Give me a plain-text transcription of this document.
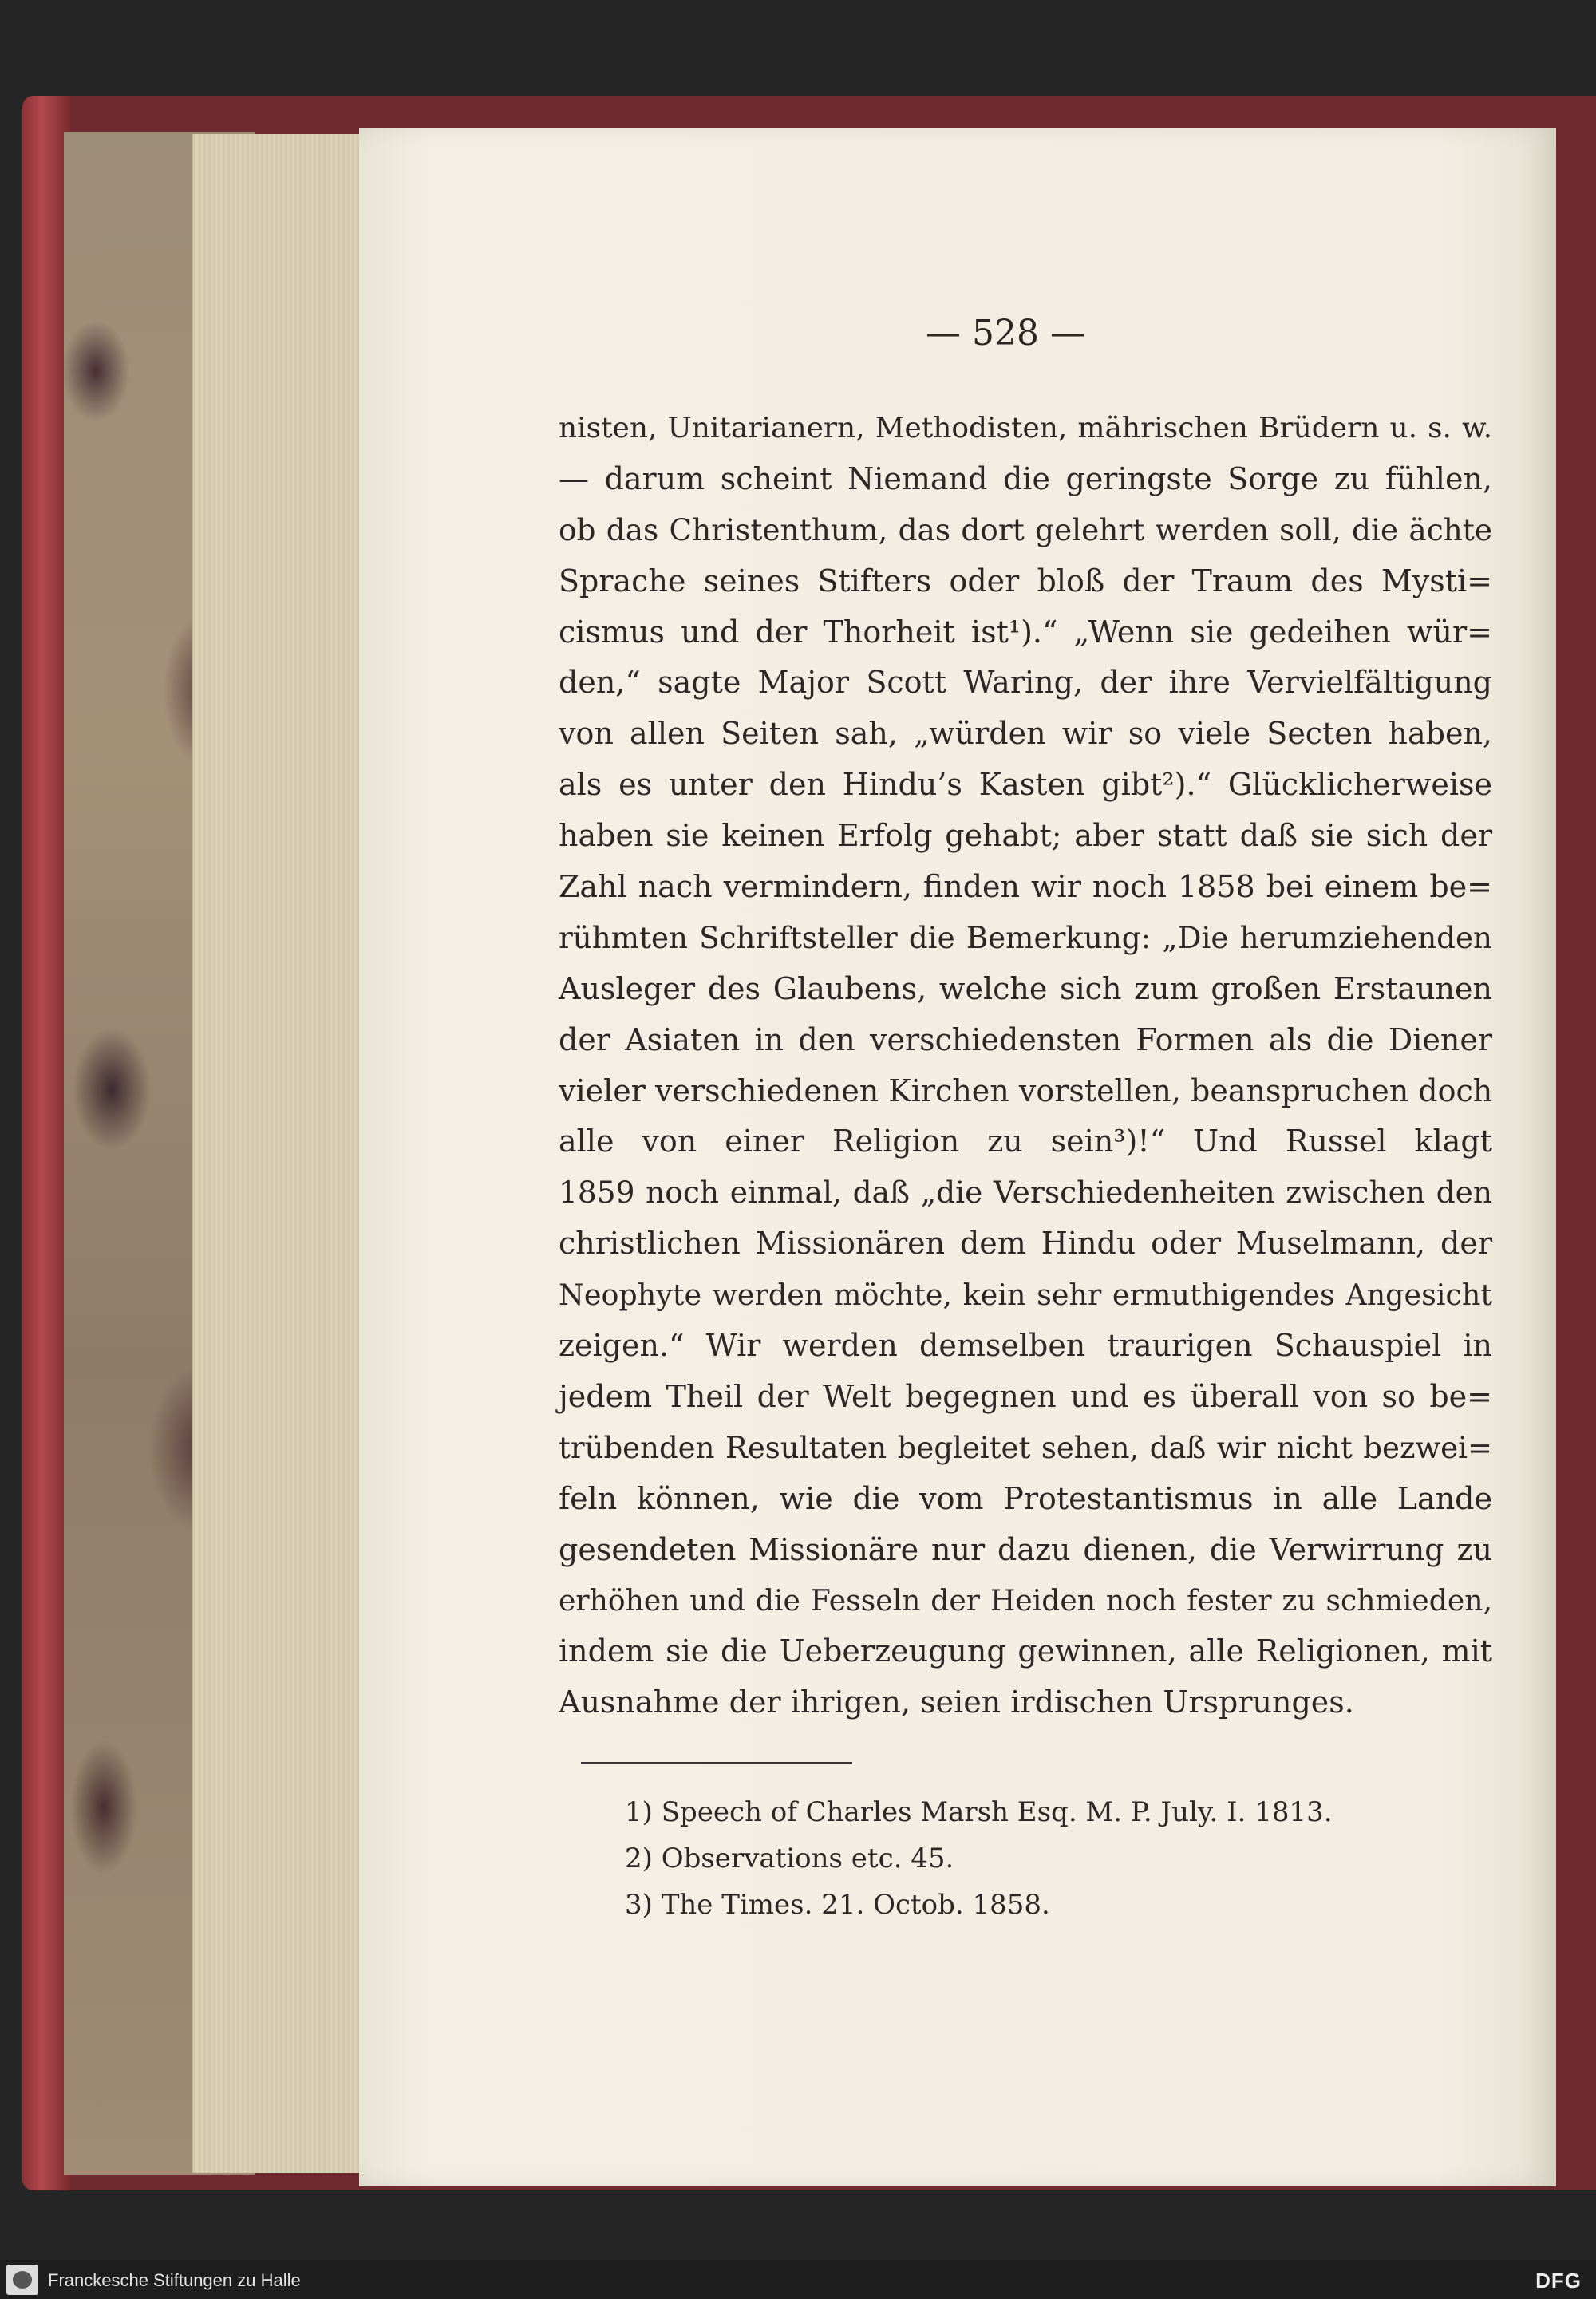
— 528 —
nisten, Unitarianern, Methodisten, mährischen Brüdern u. s. w.
— darum scheint Niemand die geringste Sorge zu fühlen,
ob das Christenthum, das dort gelehrt werden soll, die ächte
Sprache seines Stifters oder bloß der Traum des Mysti=
cismus und der Thorheit ist¹).“ „Wenn sie gedeihen wür=
den,“ sagte Major Scott Waring, der ihre Vervielfältigung
von allen Seiten sah, „würden wir so viele Secten haben,
als es unter den Hindu’s Kasten gibt²).“ Glücklicherweise
haben sie keinen Erfolg gehabt; aber statt daß sie sich der
Zahl nach vermindern, finden wir noch 1858 bei einem be=
rühmten Schriftsteller die Bemerkung: „Die herumziehenden
Ausleger des Glaubens, welche sich zum großen Erstaunen
der Asiaten in den verschiedensten Formen als die Diener
vieler verschiedenen Kirchen vorstellen, beanspruchen doch
alle von einer Religion zu sein³)!“ Und Russel klagt
1859 noch einmal, daß „die Verschiedenheiten zwischen den
christlichen Missionären dem Hindu oder Muselmann, der
Neophyte werden möchte, kein sehr ermuthigendes Angesicht
zeigen.“ Wir werden demselben traurigen Schauspiel in
jedem Theil der Welt begegnen und es überall von so be=
trübenden Resultaten begleitet sehen, daß wir nicht bezwei=
feln können, wie die vom Protestantismus in alle Lande
gesendeten Missionäre nur dazu dienen, die Verwirrung zu
erhöhen und die Fesseln der Heiden noch fester zu schmieden,
indem sie die Ueberzeugung gewinnen, alle Religionen, mit
Ausnahme der ihrigen, seien irdischen Ursprunges.
1) Speech of Charles Marsh Esq. M. P. July. I. 1813.
2) Observations etc. 45.
3) The Times. 21. Octob. 1858.
Franckesche Stiftungen zu Halle	DFG
